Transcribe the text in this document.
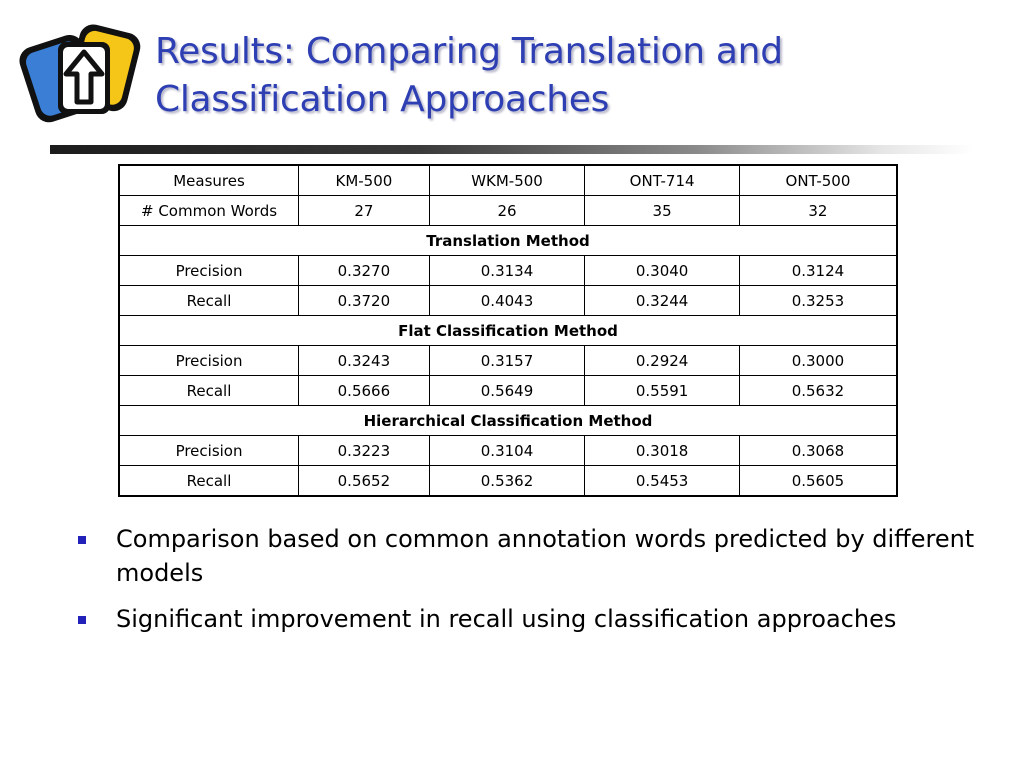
Results: Comparing Translation and
Classification Approaches
Measures	KM-500	WKM-500	ONT-714	ONT-500
# Common Words	27	26	35	32
Translation Method				
Precision	0.3270	0.3134	0.3040	0.3124
Recall	0.3720	0.4043	0.3244	0.3253
Flat Classification Method				
Precision	0.3243	0.3157	0.2924	0.3000
Recall	0.5666	0.5649	0.5591	0.5632
Hierarchical Classification Method				
Precision	0.3223	0.3104	0.3018	0.3068
Recall	0.5652	0.5362	0.5453	0.5605
Comparison based on common annotation words predicted by different models
Significant improvement in recall using classification approaches
